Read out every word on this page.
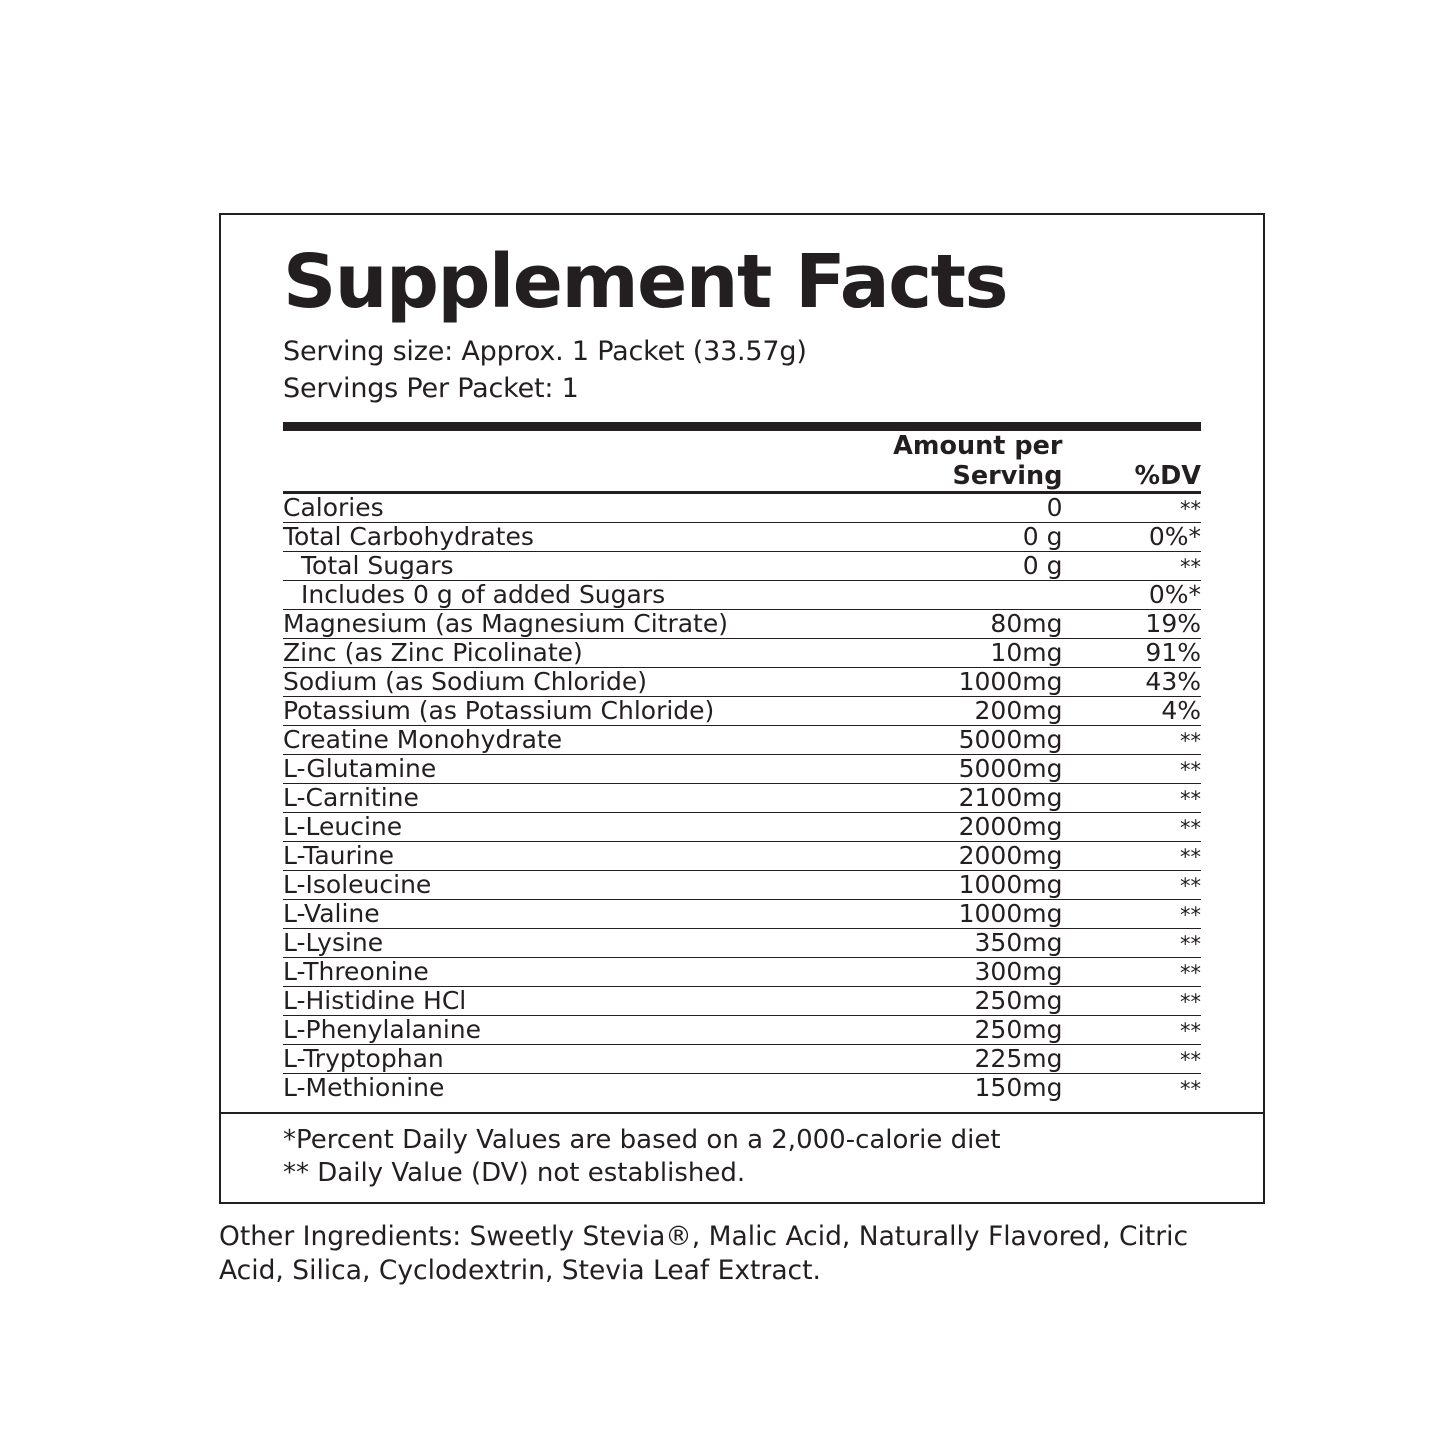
Supplement Facts
Serving size: Approx. 1 Packet (33.57g)
Servings Per Packet: 1
	Amount per Serving	%DV
Calories	0	**
Total Carbohydrates	0 g	0%*
Total Sugars	0 g	**
Includes 0 g of added Sugars		0%*
Magnesium (as Magnesium Citrate)	80mg	19%
Zinc (as Zinc Picolinate)	10mg	91%
Sodium (as Sodium Chloride)	1000mg	43%
Potassium (as Potassium Chloride)	200mg	4%
Creatine Monohydrate	5000mg	**
L-Glutamine	5000mg	**
L-Carnitine	2100mg	**
L-Leucine	2000mg	**
L-Taurine	2000mg	**
L-Isoleucine	1000mg	**
L-Valine	1000mg	**
L-Lysine	350mg	**
L-Threonine	300mg	**
L-Histidine HCl	250mg	**
L-Phenylalanine	250mg	**
L-Tryptophan	225mg	**
L-Methionine	150mg	**
*Percent Daily Values are based on a 2,000-calorie diet
** Daily Value (DV) not established.
Other Ingredients: Sweetly Stevia®, Malic Acid, Naturally Flavored, Citric Acid, Silica, Cyclodextrin, Stevia Leaf Extract.
